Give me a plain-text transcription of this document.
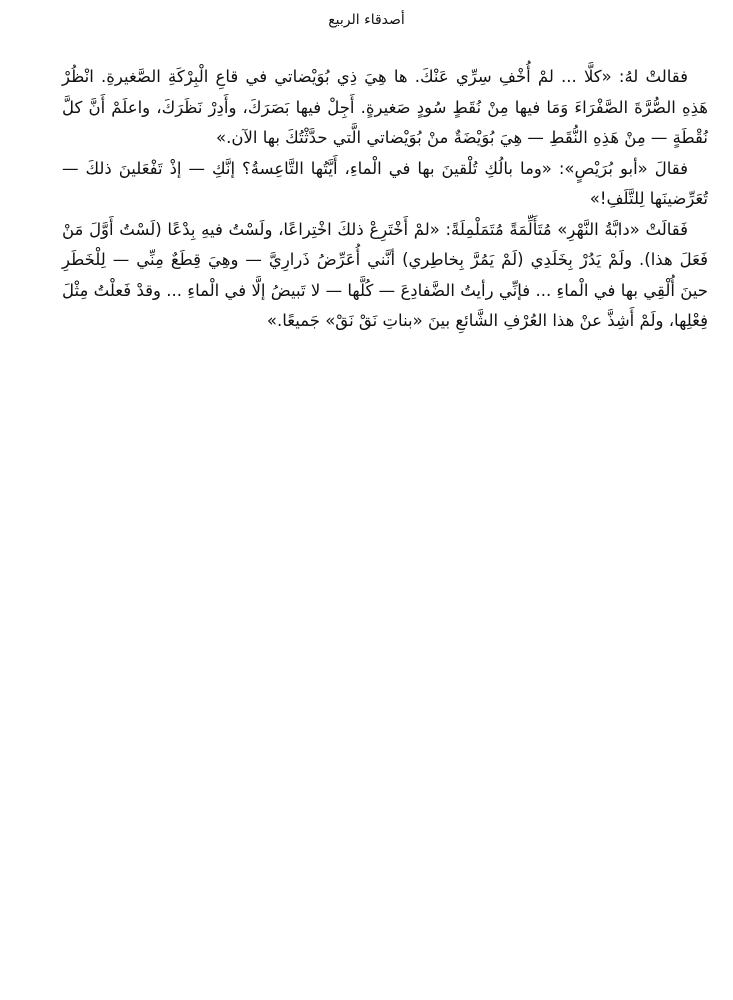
أصدقاء الربيع

فقالتْ لهُ: «كلَّا ... لمْ أُخْفِ سِرِّي عَنْكَ. ها هِيَ ذِي بُوَيْضاتي في قاعِ الْبِرْكَةِ الصَّغيرةِ. انْظُرْ هَذِهِ الصُّرَّةَ الصَّفْرَاءَ وَمَا فيها مِنْ نُقَطٍ سُودٍ صَغيرةٍ. أَجِلْ فيها بَصَرَكَ، وأَدِرْ نَظَرَكَ، واعلَمْ أَنَّ كلَّ نُقْطَةٍ — مِنْ هَذِهِ النُّقَطِ — هِيَ بُوَيْضَةٌ منْ بُوَيْضاتي الَّتي حدَّثْتُكَ بها الآن.»

فقالَ «أبو بُرَيْصٍ»: «وما بالُكِ تُلْقينَ بها في الْماءِ، أَيَّتُها التَّاعِسةُ؟ إنَّكِ — إذْ تَفْعَلينَ ذلكَ — تُعَرِّضينَها لِلتَّلَفِ!»

فَقالَتْ «دابَّةُ النَّهْرِ» مُتَأَلِّمَةً مُتَمَلْمِلَةً: «لمْ أَخْتَرِعْ ذلكَ اخْتِراعًا، ولَسْتُ فيهِ بِدْعًا (لَسْتُ أَوَّلَ مَنْ فَعَلَ هذا). ولَمْ يَدُرْ بِخَلَدِي (لَمْ يَمُرَّ بِخاطِري) أنَّني أُعَرِّضُ ذَرارِيَّ — وهِيَ قِطَعٌ مِنِّي — لِلْخَطَرِ حينَ أُلْقِي بها في الْماءِ ... فإنِّي رأيتُ الضَّفادِعَ — كُلَّها — لا تَبيضُ إلَّا في الْماءِ ... وقدْ فَعلْتُ مِثْلَ فِعْلِها، ولَمْ أَشِذَّ عنْ هذا العُرْفِ الشَّائعِ بينَ «بناتِ نَقْ نَقْ» جَميعًا.»
